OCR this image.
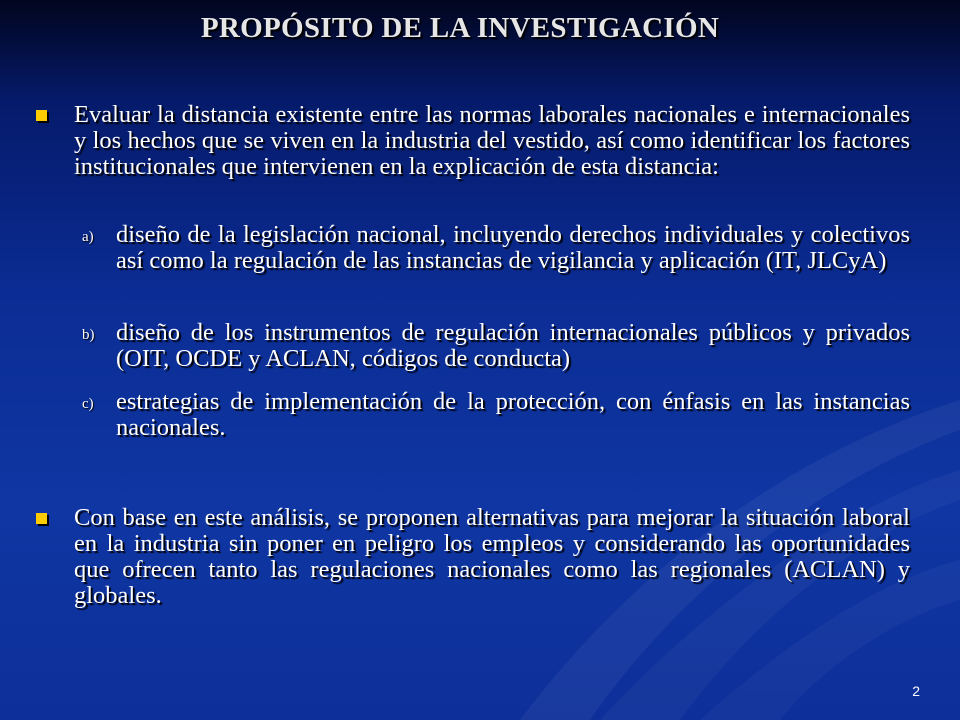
PROPÓSITO DE LA INVESTIGACIÓN
Evaluar la distancia existente entre las normas laborales nacionales e internacionales y los hechos que se viven en la industria del vestido, así como identificar los factores institucionales que intervienen en la explicación de esta distancia:
a) diseño de la legislación nacional, incluyendo derechos individuales y colectivos así como la regulación de las instancias de vigilancia y aplicación (IT, JLCyA)
b) diseño de los instrumentos de regulación internacionales públicos y privados (OIT, OCDE y ACLAN, códigos de conducta)
c) estrategias de implementación de la protección, con énfasis en las instancias nacionales.
Con base en este análisis, se proponen alternativas para mejorar la situación laboral en la industria sin poner en peligro los empleos y considerando las oportunidades que ofrecen tanto las regulaciones nacionales como las regionales (ACLAN) y globales.
2
